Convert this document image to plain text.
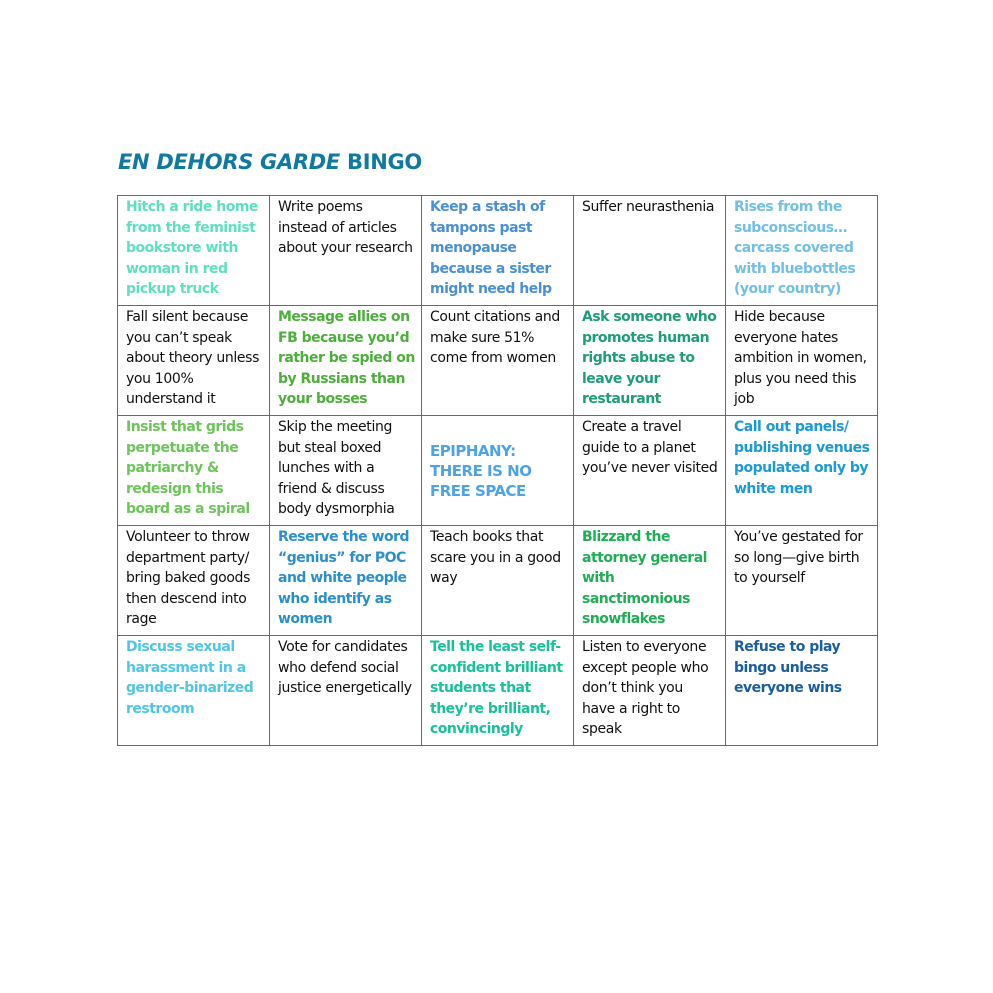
EN DEHORS GARDE BINGO
Hitch a ride home from the feminist bookstore with woman in red pickup truck	Write poems instead of articles about your research	Keep a stash of tampons past menopause because a sister might need help	Suffer neurasthenia	Rises from the subconscious… carcass covered with bluebottles (your country)

Fall silent because you can’t speak about theory unless you 100% understand it	Message allies on FB because you’d rather be spied on by Russians than your bosses	Count citations and make sure 51% come from women	Ask someone who promotes human rights abuse to leave your restaurant	Hide because everyone hates ambition in women, plus you need this job

Insist that grids perpetuate the patriarchy & redesign this board as a spiral	Skip the meeting but steal boxed lunches with a friend & discuss body dysmorphia	EPIPHANY: THERE IS NO FREE SPACE	Create a travel guide to a planet you’ve never visited	Call out panels/ publishing venues populated only by white men

Volunteer to throw department party/ bring baked goods then descend into rage	Reserve the word “genius” for POC and white people who identify as women	Teach books that scare you in a good way	Blizzard the attorney general with sanctimonious snowflakes	You’ve gestated for so long—give birth to yourself

Discuss sexual harassment in a gender-binarized restroom	Vote for candidates who defend social justice energetically	Tell the least self-confident brilliant students that they’re brilliant, convincingly	Listen to everyone except people who don’t think you have a right to speak	Refuse to play bingo unless everyone wins
